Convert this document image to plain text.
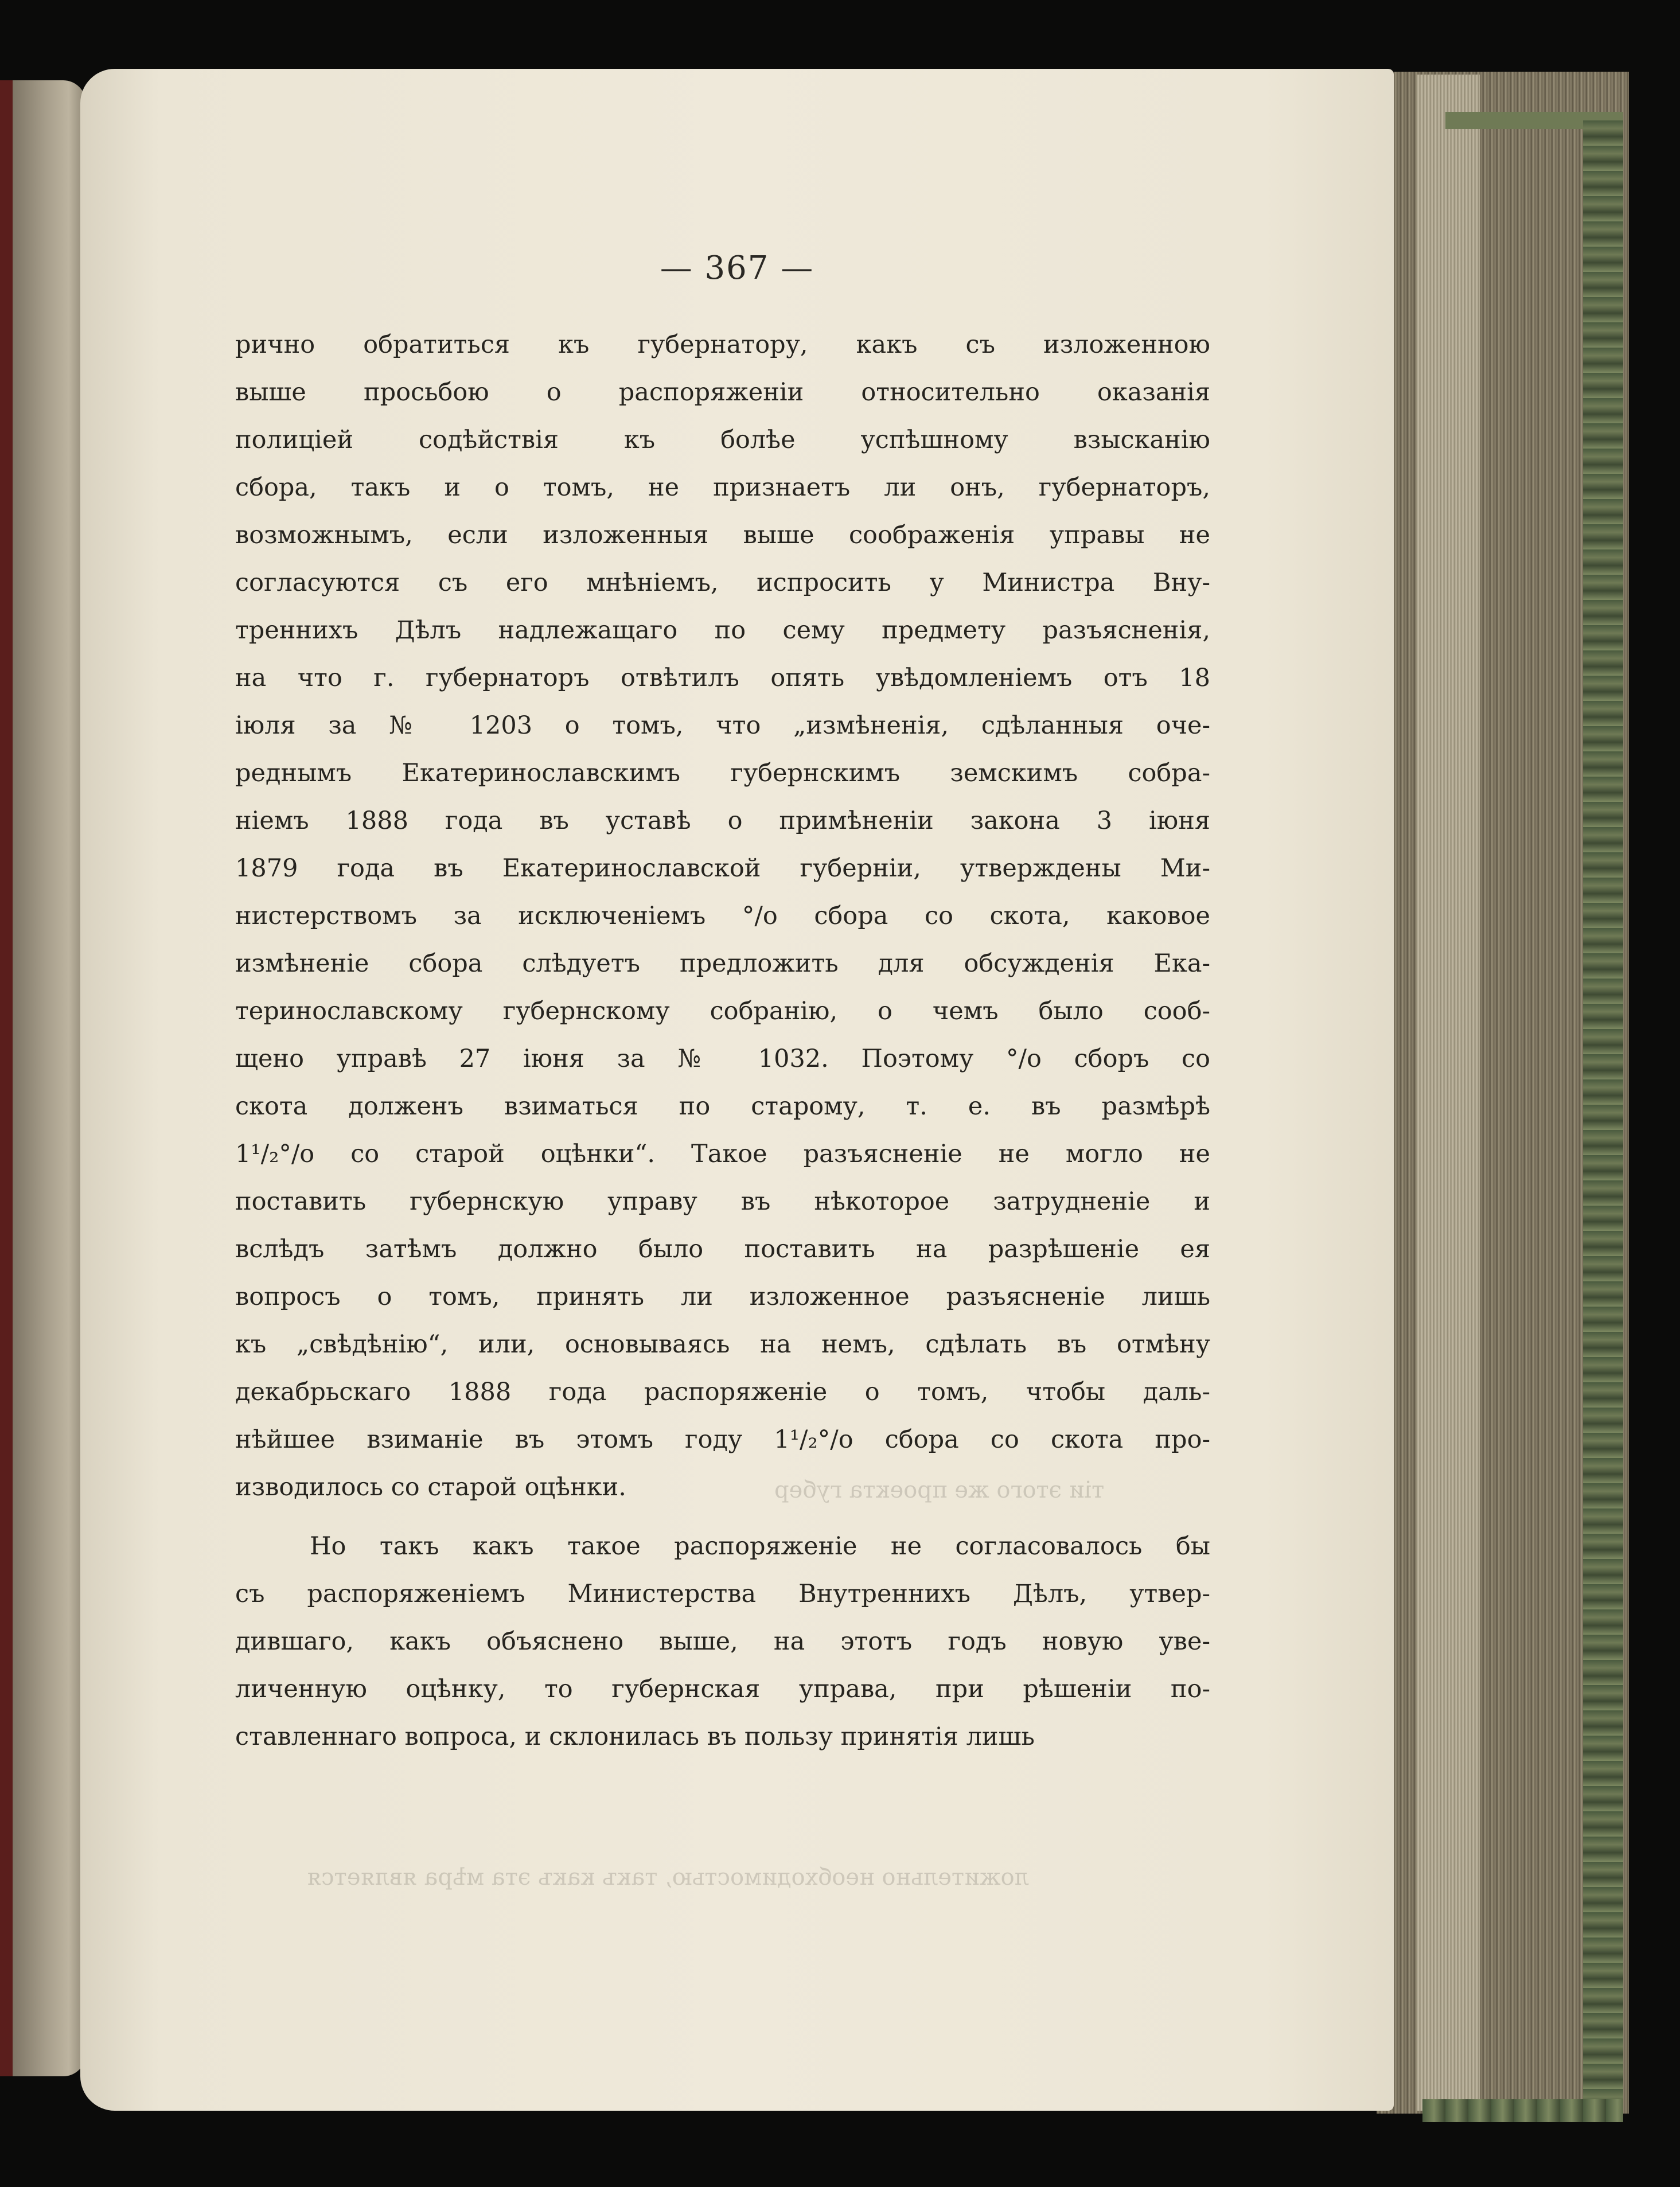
— 367 —
рично обратиться къ губернатору, какъ съ изложенною
выше просьбою о распоряженіи относительно оказанія
полиціей содѣйствія къ болѣе успѣшному взысканію
сбора, такъ и о томъ, не признаетъ ли онъ, губернаторъ,
возможнымъ, если изложенныя выше соображенія управы не
согласуются съ его мнѣніемъ, испросить у Министра Вну-
треннихъ Дѣлъ надлежащаго по сему предмету разъясненія,
на что г. губернаторъ отвѣтилъ опять увѣдомленіемъ отъ 18
іюля за № 1203 о томъ, что „измѣненія, сдѣланныя оче-
реднымъ Екатеринославскимъ губернскимъ земскимъ собра-
ніемъ 1888 года въ уставѣ о примѣненіи закона 3 іюня
1879 года въ Екатеринославской губерніи, утверждены Ми-
нистерствомъ за исключеніемъ °/о сбора со скота, каковое
измѣненіе сбора слѣдуетъ предложить для обсужденія Ека-
теринославскому губернскому собранію, о чемъ было сооб-
щено управѣ 27 іюня за № 1032. Поэтому °/о сборъ со
скота долженъ взиматься по старому, т. е. въ размѣрѣ
1¹/₂°/о со старой оцѣнки“. Такое разъясненіе не могло не
поставить губернскую управу въ нѣкоторое затрудненіе и
вслѣдъ затѣмъ должно было поставить на разрѣшеніе ея
вопросъ о томъ, принять ли изложенное разъясненіе лишь
къ „свѣдѣнію“, или, основываясь на немъ, сдѣлать въ отмѣну
декабрьскаго 1888 года распоряженіе о томъ, чтобы даль-
нѣйшее взиманіе въ этомъ году 1¹/₂°/о сбора со скота про-
изводилось со старой оцѣнки.
Но такъ какъ такое распоряженіе не согласовалось бы
съ распоряженіемъ Министерства Внутреннихъ Дѣлъ, утвер-
дившаго, какъ объяснено выше, на этотъ годъ новую уве-
личенную оцѣнку, то губернская управа, при рѣшеніи по-
ставленнаго вопроса, и склонилась въ пользу принятія лишь
тіи этого же проекта губер
ложительно необходимостью, такъ какъ эта мѣра является
